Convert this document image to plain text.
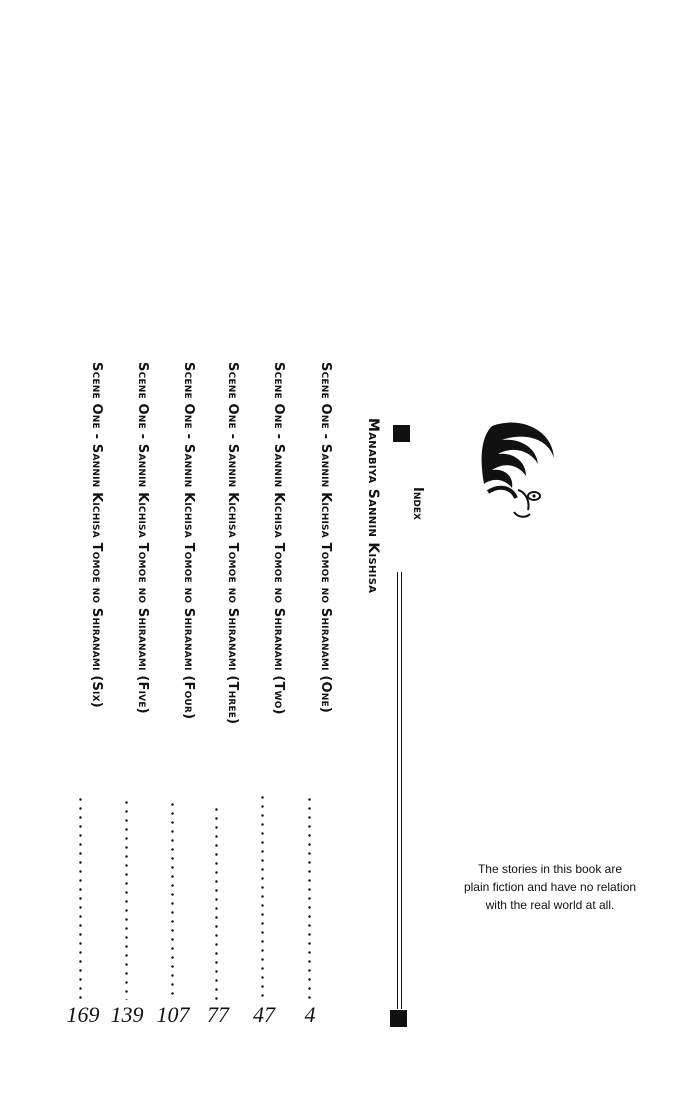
Index
Manabiya Sannin Kishisa
Scene One - Sannin Kichisa Tomoe no Shiranami (One)
4
Scene One - Sannin Kichisa Tomoe no Shiranami (Two)
47
Scene One - Sannin Kichisa Tomoe no Shiranami (Three)
77
Scene One - Sannin Kichisa Tomoe no Shiranami (Four)
107
Scene One - Sannin Kichisa Tomoe no Shiranami (Five)
139
Scene One - Sannin Kichisa Tomoe no Shiranami (Six)
169
The stories in this book are
plain fiction and have no relation
with the real world at all.
